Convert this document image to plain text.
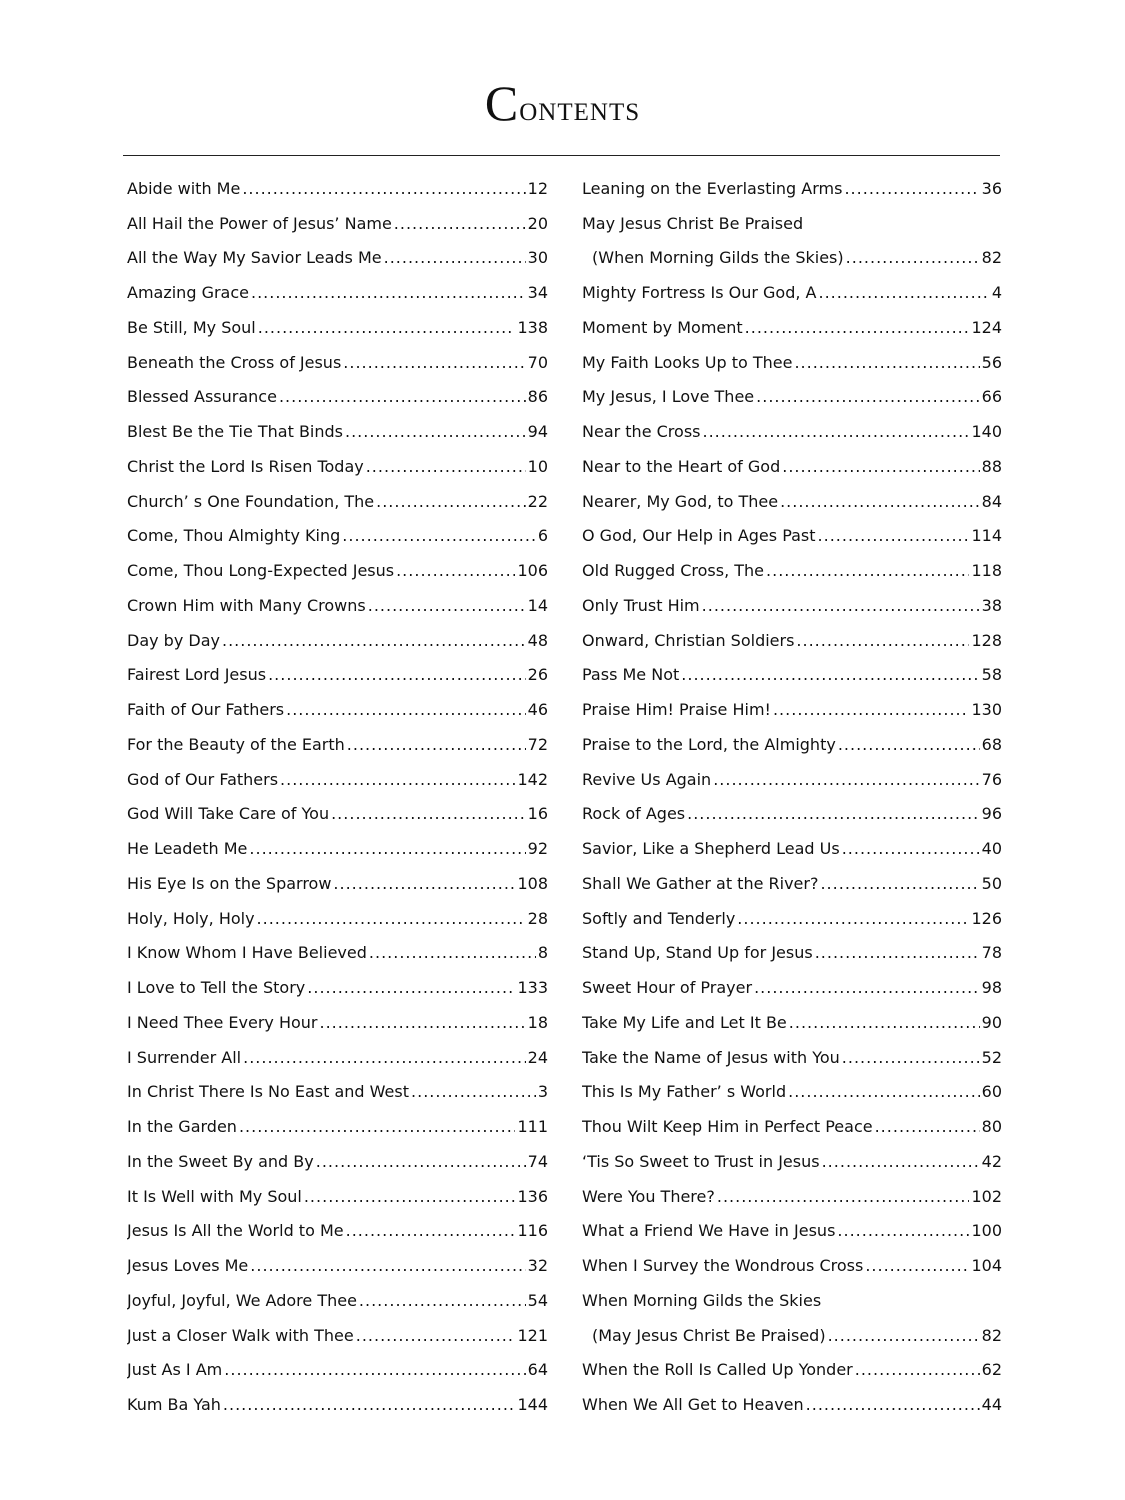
Contents
Abide with Me .....	12
All Hail the Power of Jesus’ Name .....	20
All the Way My Savior Leads Me .....	30
Amazing Grace .....	34
Be Still, My Soul .....	138
Beneath the Cross of Jesus .....	70
Blessed Assurance .....	86
Blest Be the Tie That Binds .....	94
Christ the Lord Is Risen Today .....	10
Church’ s One Foundation, The .....	22
Come, Thou Almighty King .....	6
Come, Thou Long-Expected Jesus .....	106
Crown Him with Many Crowns .....	14
Day by Day .....	48
Fairest Lord Jesus .....	26
Faith of Our Fathers .....	46
For the Beauty of the Earth .....	72
God of Our Fathers .....	142
God Will Take Care of You .....	16
He Leadeth Me .....	92
His Eye Is on the Sparrow .....	108
Holy, Holy, Holy .....	28
I Know Whom I Have Believed .....	8
I Love to Tell the Story .....	133
I Need Thee Every Hour .....	18
I Surrender All .....	24
In Christ There Is No East and West .....	3
In the Garden .....	111
In the Sweet By and By .....	74
It Is Well with My Soul .....	136
Jesus Is All the World to Me .....	116
Jesus Loves Me .....	32
Joyful, Joyful, We Adore Thee .....	54
Just a Closer Walk with Thee .....	121
Just As I Am .....	64
Kum Ba Yah .....	144
Leaning on the Everlasting Arms .....	36
May Jesus Christ Be Praised
(When Morning Gilds the Skies) .....	82
Mighty Fortress Is Our God, A .....	4
Moment by Moment .....	124
My Faith Looks Up to Thee .....	56
My Jesus, I Love Thee .....	66
Near the Cross .....	140
Near to the Heart of God .....	88
Nearer, My God, to Thee .....	84
O God, Our Help in Ages Past .....	114
Old Rugged Cross, The .....	118
Only Trust Him .....	38
Onward, Christian Soldiers .....	128
Pass Me Not .....	58
Praise Him! Praise Him! .....	130
Praise to the Lord, the Almighty .....	68
Revive Us Again .....	76
Rock of Ages .....	96
Savior, Like a Shepherd Lead Us .....	40
Shall We Gather at the River? .....	50
Softly and Tenderly .....	126
Stand Up, Stand Up for Jesus .....	78
Sweet Hour of Prayer .....	98
Take My Life and Let It Be .....	90
Take the Name of Jesus with You .....	52
This Is My Father’ s World .....	60
Thou Wilt Keep Him in Perfect Peace .....	80
‘Tis So Sweet to Trust in Jesus .....	42
Were You There? .....	102
What a Friend We Have in Jesus .....	100
When I Survey the Wondrous Cross .....	104
When Morning Gilds the Skies
(May Jesus Christ Be Praised) .....	82
When the Roll Is Called Up Yonder .....	62
When We All Get to Heaven .....	44
